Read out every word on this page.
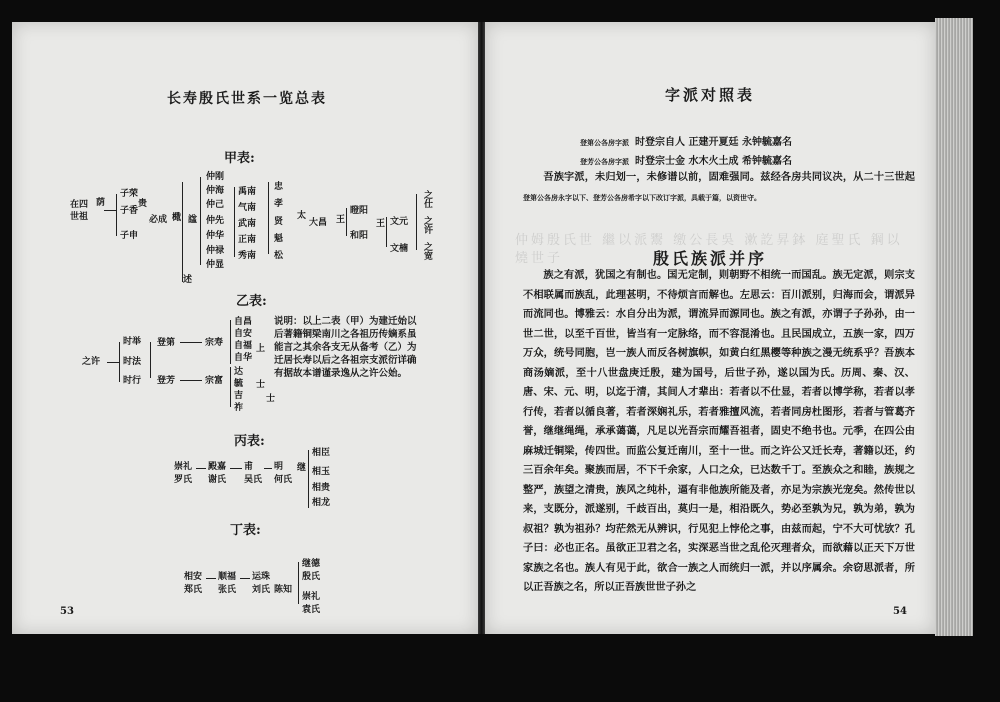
长寿殷氏世系一览总表
甲表:
在四
世祖
荫
子荣
子香
子申
贵
必成 檝 諡
述
仲刚
仲海
仲己
仲先
仲华
仲禄
仲显
禹南
气南
武南
正南
秀南
忠
孝
贤
魁
松
太
大昌 王
瞪阳
和阳
王 文元
文楠
之仕
之许
之宽
乙表:
之许
时举
时法
时行
登第
登芳
宗寿
宗富
自昌
自安
自福
自华
达
毓
吉
祚
上
士
士
说明：以上二表（甲）为建迁始以后著籍铜梁南川之各祖历传嫡系虽能言之其余各支无从备考（乙）为迁居长寿以后之各祖宗支派衍详确有据故本谱谨录逸从之许公始。
丙表:
崇礼
罗氏
殿嘉
谢氏
甫
吴氏
明
何氏
继
相臣
相玉
相贵
相龙
丁表:
相安
郑氏
顺福
张氏
运珠
刘氏 陈知
继德
殷氏
崇礼
袁氏
53
仲姆殷氏世 繼以派鬻 缴公長吳 漱訖昇鉢 庭聖氏 鋼以 燒世子
字派对照表
登第公各房字派 时登宗自人 正建开夏廷 永钟毓嘉名
登芳公各房字派 时登宗士金 水木火土成 希钟毓嘉名

吾族字派，未归划一，未修谱以前，固难强同。兹经各房共同议决，从二十三世起登第公各房永字以下、登芳公各房希字以下改订字派，具载于篇，以资世守。

殷氏族派并序

族之有派，犹国之有制也。国无定制，则朝野不相统一而国乱。族无定派，则宗支不相联属而族乱，此理甚明，不待烦言而解也。左思云：百川派别，归海而会，谓派异而流同也。博雅云：水自分出为派，谓流异而源同也。族之有派，亦谓子子孙孙，由一世二世，以至千百世，皆当有一定脉络，而不容混淆也。且民国成立，五族一家，四万万众，统号同胞，岂一族人而反各树旗帜，如黄白红黑樱等种族之漫无统系乎？吾族本商汤嫡派，至十八世盘庚迁殷，建为国号，后世子孙，遂以国为氏。历周、秦、汉、唐、宋、元、明，以迄于清，其间人才辈出：若者以不仕显，若者以博学称，若者以孝行传，若者以循良著，若者深娴礼乐，若者雅擅风流，若者同房杜图形，若者与管葛齐誉，继继绳绳，承承蔼蔼，凡足以光吾宗而耀吾祖者，固史不绝书也。元季，在四公由麻城迁铜梁，传四世。而监公复迁南川，至十一世。而之许公又迁长寿，著籍以还，约三百余年矣。聚族而居，不下千余家，人口之众，已达数千丁。至族众之和睦，族规之整严，族望之清贵，族风之纯朴，逼有非他族所能及者，亦足为宗族光宠矣。然传世以来，支既分，派遂别，千歧百出，莫归一是，相沿既久，势必至孰为兄，孰为弟，孰为叔祖？孰为祖孙？均茫然无从辨识，行见犯上悖伦之事，由兹而起，宁不大可忧欤？孔子曰：必也正名。虽欲正卫君之名，实深恶当世之乱伦灭理者众，而欲藉以正天下万世家族之名也。族人有见于此，欲合一族之人而统归一派，并以序属余。余窃思派者，所以正吾族之名，所以正吾族世世子孙之

54
